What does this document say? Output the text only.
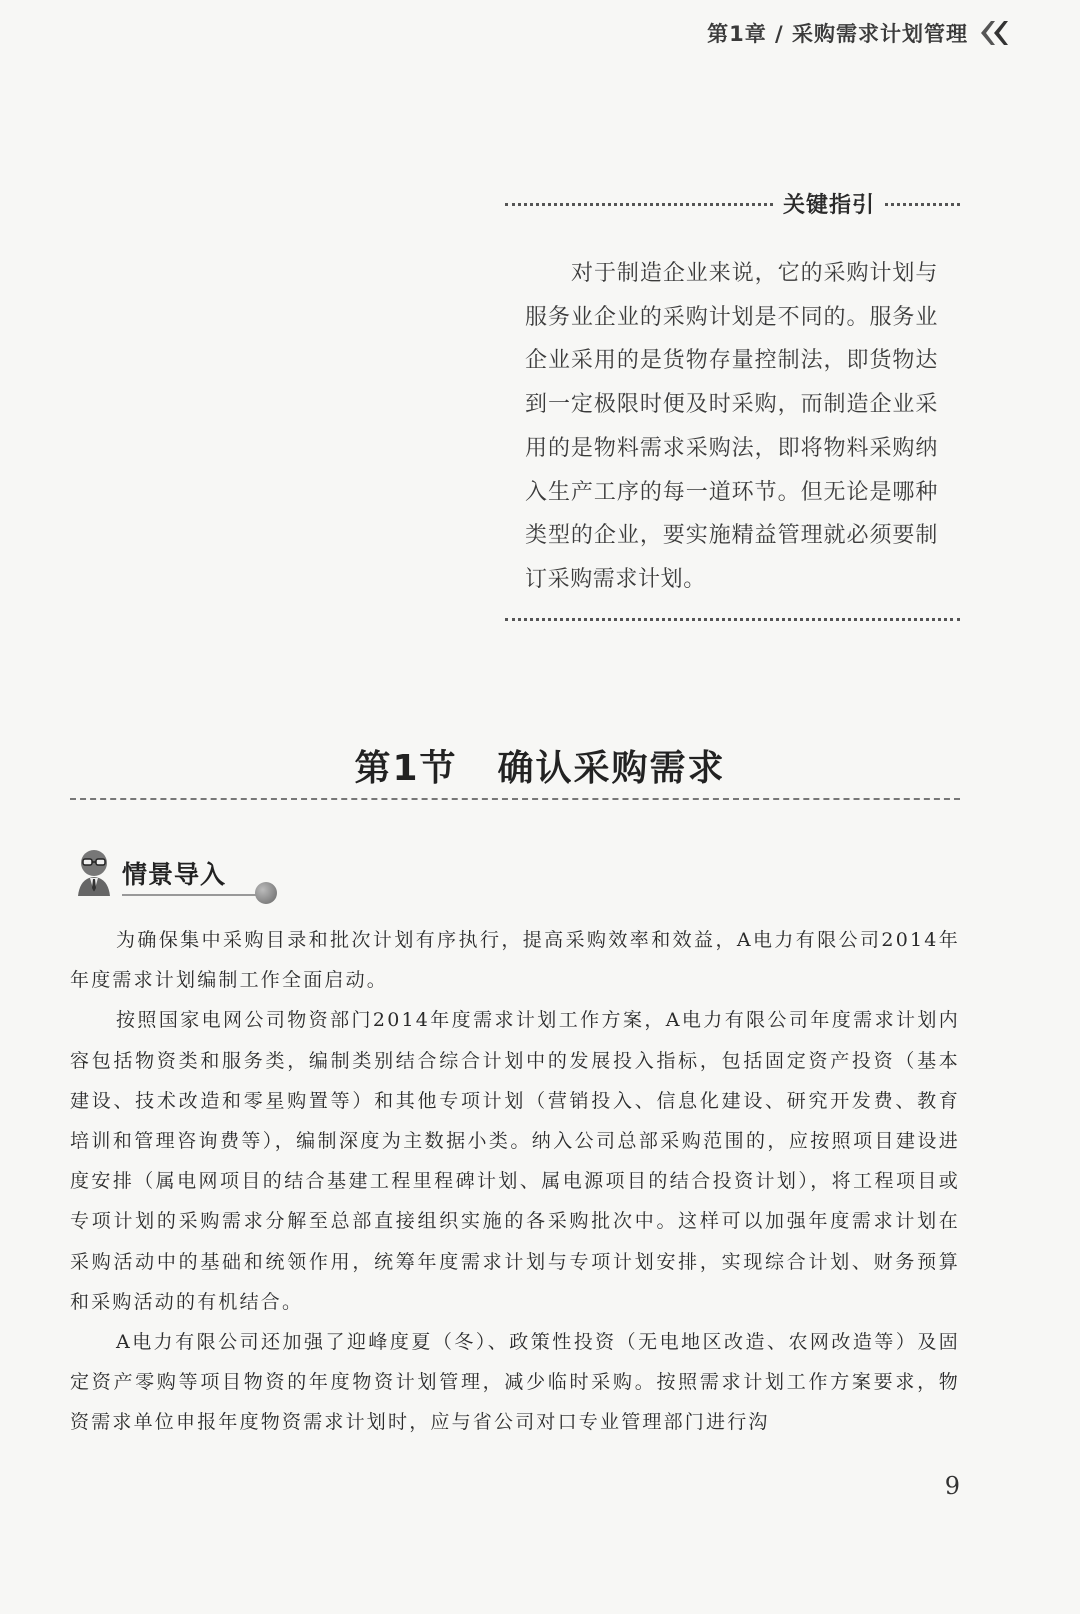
第1章 / 采购需求计划管理
关键指引
对于制造企业来说，它的采购计划与服务业企业的采购计划是不同的。服务业企业采用的是货物存量控制法，即货物达到一定极限时便及时采购，而制造企业采用的是物料需求采购法，即将物料采购纳入生产工序的每一道环节。但无论是哪种类型的企业，要实施精益管理就必须要制订采购需求计划。
第1节 确认采购需求
情景导入

为确保集中采购目录和批次计划有序执行，提高采购效率和效益，A电力有限公司2014年年度需求计划编制工作全面启动。

按照国家电网公司物资部门2014年度需求计划工作方案，A电力有限公司年度需求计划内容包括物资类和服务类，编制类别结合综合计划中的发展投入指标，包括固定资产投资（基本建设、技术改造和零星购置等）和其他专项计划（营销投入、信息化建设、研究开发费、教育培训和管理咨询费等），编制深度为主数据小类。纳入公司总部采购范围的，应按照项目建设进度安排（属电网项目的结合基建工程里程碑计划、属电源项目的结合投资计划），将工程项目或专项计划的采购需求分解至总部直接组织实施的各采购批次中。这样可以加强年度需求计划在采购活动中的基础和统领作用，统筹年度需求计划与专项计划安排，实现综合计划、财务预算和采购活动的有机结合。

A电力有限公司还加强了迎峰度夏（冬）、政策性投资（无电地区改造、农网改造等）及固定资产零购等项目物资的年度物资计划管理，减少临时采购。按照需求计划工作方案要求，物资需求单位申报年度物资需求计划时，应与省公司对口专业管理部门进行沟

9
